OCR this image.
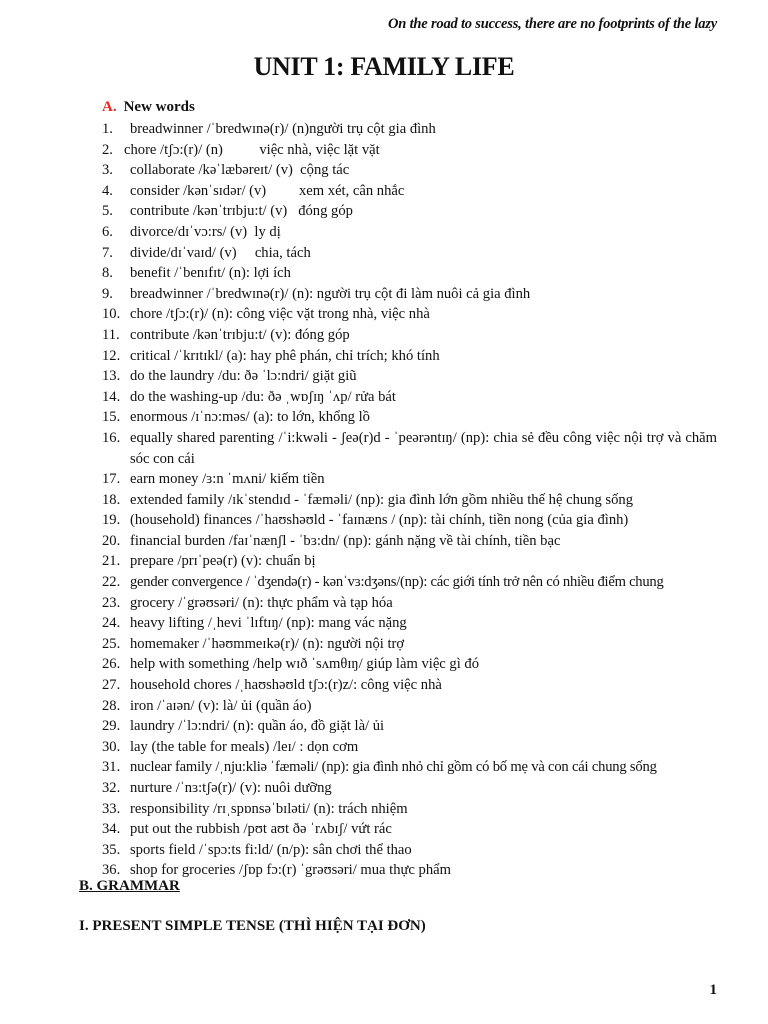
On the road to success, there are no footprints of the lazy
UNIT 1: FAMILY LIFE
A. New words
1. breadwinner /ˈbredwɪnə(r)/ (n)người trụ cột gia đình
2. chore /tʃɔ:(r)/ (n)          việc nhà, việc lặt vặt
3. collaborate /kəˈlæbəreɪt/ (v)  cộng tác
4. consider /kənˈsɪdər/ (v)         xem xét, cân nhắc
5. contribute /kənˈtrɪbju:t/ (v)   đóng góp
6. divorce/dɪˈvɔ:rs/ (v)  ly dị
7. divide/dɪˈvaɪd/ (v)     chia, tách
8. benefit /ˈbenɪfɪt/ (n): lợi ích
9. breadwinner /ˈbredwɪnə(r)/ (n): người trụ cột đi làm nuôi cả gia đình
10. chore /tʃɔ:(r)/ (n): công việc vặt trong nhà, việc nhà
11. contribute /kənˈtrɪbju:t/ (v): đóng góp
12. critical /ˈkrɪtɪkl/ (a): hay phê phán, chỉ trích; khó tính
13. do the laundry /du: ðə ˈlɔ:ndri/ giặt giũ
14. do the washing-up /du: ðə ˌwɒʃɪŋ ˈʌp/ rửa bát
15. enormous /ɪˈnɔ:məs/ (a): to lớn, khổng lồ
16. equally shared parenting /ˈi:kwəli - ʃeə(r)d - ˈpeərəntɪŋ/ (np): chia sẻ đều công việc nội trợ và chăm sóc con cái
17. earn money /ɜ:n ˈmʌni/ kiếm tiền
18. extended family /ɪkˈstendɪd - ˈfæməli/ (np): gia đình lớn gồm nhiều thế hệ chung sống
19. (household) finances /ˈhaʊshəʊld - ˈfaɪnæns / (np): tài chính, tiền nong (của gia đình)
20. financial burden /faɪˈnænʃl - ˈbɜ:dn/ (np): gánh nặng về tài chính, tiền bạc
21. prepare /prɪˈpeə(r) (v): chuẩn bị
22. gender convergence / ˈdʒendə(r) - kənˈvɜ:dʒəns/(np): các giới tính trở nên có nhiều điểm chung
23. grocery /ˈgrəʊsəri/ (n): thực phẩm và tạp hóa
24. heavy lifting /ˌhevi ˈlɪftɪŋ/ (np): mang vác nặng
25. homemaker /ˈhəʊmmeɪkə(r)/ (n): người nội trợ
26. help with something /help wɪð ˈsʌmθɪŋ/ giúp làm việc gì đó
27. household chores /ˌhaʊshəʊld tʃɔ:(r)z/: công việc nhà
28. iron /ˈaɪən/ (v): là/ ủi (quần áo)
29. laundry /ˈlɔ:ndri/ (n): quần áo, đồ giặt là/ ủi
30. lay (the table for meals) /leɪ/ : dọn cơm
31. nuclear family /ˌnju:kliə ˈfæməli/ (np): gia đình nhỏ chỉ gồm có bố mẹ và con cái chung sống
32. nurture /ˈnɜ:tʃə(r)/ (v): nuôi dưỡng
33. responsibility /rɪˌspɒnsəˈbɪləti/ (n): trách nhiệm
34. put out the rubbish /pʊt aʊt ðə ˈrʌbɪʃ/ vứt rác
35. sports field /ˈspɔ:ts fi:ld/ (n/p): sân chơi thể thao
36. shop for groceries /ʃɒp fɔ:(r) ˈgrəʊsəri/ mua thực phẩm
B. GRAMMAR
I. PRESENT SIMPLE TENSE (THÌ HIỆN TẠI ĐƠN)
1
